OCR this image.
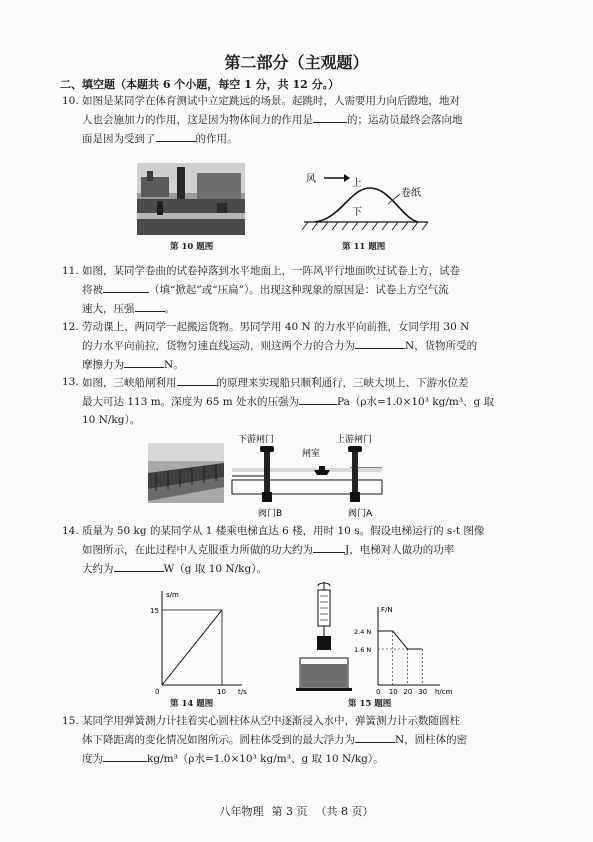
第二部分（主观题）
二、填空题（本题共 6 个小题，每空 1 分，共 12 分。）
10. 如图是某同学在体育测试中立定跳远的场景。起跳时，人需要用力向后蹬地，地对
人也会施加力的作用，这是因为物体间力的作用是	的；运动员最终会落向地
面是因为受到了	的作用。
第 10 题图
风	上
卷纸
下
第 11 题图
11. 如图，某同学卷曲的试卷掉落到水平地面上，一阵风平行地面吹过试卷上方，试卷
将被	（填“掀起”或“压扁”）。出现这种现象的原因是：试卷上方空气流
速大，压强	。
12. 劳动课上、两同学一起搬运货物。男同学用 40 N 的力水平向前推，女同学用 30 N
的力水平向前拉，货物匀速直线运动，则这两个力的合力为	N，货物所受的
摩擦力为	N。
13. 如图，三峡船闸利用	的原理来实现船只顺利通行，三峡大坝上、下游水位差
最大可达 113 m。深度为 65 m 处水的压强为	Pa（ρ水=1.0×10³ kg/m³、g 取
10 N/kg）。
下游闸门	上游闸门
闸室
阀门B	阀门A
14. 质量为 50 kg 的某同学从 1 楼乘电梯直达 6 楼，用时 10 s。假设电梯运行的 s-t 图像
如图所示，在此过程中人克服重力所做的功大约为	J，电梯对人做功的功率
大约为	W（g 取 10 N/kg）。
s/m
t/s
0
15
10
第 14 题图
F/N
h/cm
2.4 N
1.6 N
0 10 20 30
第 15 题图
15. 某同学用弹簧测力计挂着实心圆柱体从空中逐渐浸入水中，弹簧测力计示数随圆柱
体下降距离的变化情况如图所示。圆柱体受到的最大浮力为	N，圆柱体的密
度为	kg/m³（ρ水=1.0×10³ kg/m³、g 取 10 N/kg）。
八年物理 第 3 页 （共 8 页）
